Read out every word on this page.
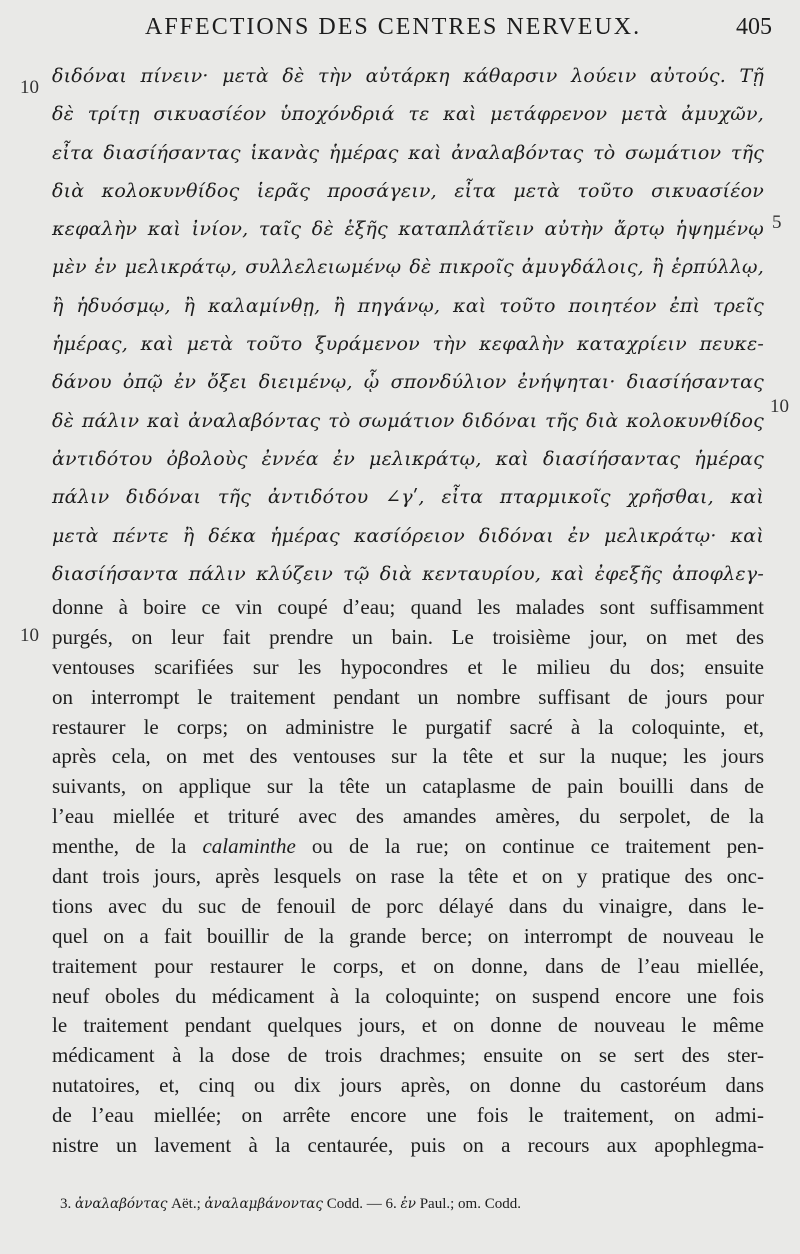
AFFECTIONS DES CENTRES NERVEUX.	405
10
5
10
διδόναι πίνειν· μετὰ δὲ τὴν αὐτάρκη κάθαρσιν λούειν αὐτούς. Τῇ
δὲ τρίτῃ σικυασίέον ὑποχόνδριά τε καὶ μετάφρενον μετὰ ἀμυχῶν,
εἶτα διασίήσαντας ἱκανὰς ἡμέρας καὶ ἀναλαβόντας τὸ σωμάτιον τῆς
διὰ κολοκυνθίδος ἱερᾶς προσάγειν, εἶτα μετὰ τοῦτο σικυασίέον
κεφαλὴν καὶ ἰνίον, ταῖς δὲ ἑξῆς καταπλάτῖειν αὐτὴν ἄρτῳ ἡψημένῳ
μὲν ἐν μελικράτῳ, συλλελειωμένῳ δὲ πικροῖς ἀμυγδάλοις, ἢ ἑρπύλλῳ,
ἢ ἡδυόσμῳ, ἢ καλαμίνθῃ, ἢ πηγάνῳ, καὶ τοῦτο ποιητέον ἐπὶ τρεῖς
ἡμέρας, καὶ μετὰ τοῦτο ξυράμενον τὴν κεφαλὴν καταχρίειν πευκε-
δάνου ὀπῷ ἐν ὄξει διειμένῳ, ᾧ σπονδύλιον ἐνήψηται· διασίήσαντας
δὲ πάλιν καὶ ἀναλαβόντας τὸ σωμάτιον διδόναι τῆς διὰ κολοκυνθίδος
ἀντιδότου ὀβολοὺς ἐννέα ἐν μελικράτῳ, καὶ διασίήσαντας ἡμέρας
πάλιν διδόναι τῆς ἀντιδότου ∠γʹ, εἶτα πταρμικοῖς χρῆσθαι, καὶ
μετὰ πέντε ἢ δέκα ἡμέρας κασίόρειον διδόναι ἐν μελικράτῳ· καὶ
διασίήσαντα πάλιν κλύζειν τῷ διὰ κενταυρίου, καὶ ἐφεξῆς ἀποφλεγ-
10
donne à boire ce vin coupé d’eau; quand les malades sont suffisamment
purgés, on leur fait prendre un bain. Le troisième jour, on met des
ventouses scarifiées sur les hypocondres et le milieu du dos; ensuite
on interrompt le traitement pendant un nombre suffisant de jours pour
restaurer le corps; on administre le purgatif sacré à la coloquinte, et,
après cela, on met des ventouses sur la tête et sur la nuque; les jours
suivants, on applique sur la tête un cataplasme de pain bouilli dans de
l’eau miellée et trituré avec des amandes amères, du serpolet, de la
menthe, de la calaminthe ou de la rue; on continue ce traitement pen-
dant trois jours, après lesquels on rase la tête et on y pratique des onc-
tions avec du suc de fenouil de porc délayé dans du vinaigre, dans le-
quel on a fait bouillir de la grande berce; on interrompt de nouveau le
traitement pour restaurer le corps, et on donne, dans de l’eau miellée,
neuf oboles du médicament à la coloquinte; on suspend encore une fois
le traitement pendant quelques jours, et on donne de nouveau le même
médicament à la dose de trois drachmes; ensuite on se sert des ster-
nutatoires, et, cinq ou dix jours après, on donne du castoréum dans
de l’eau miellée; on arrête encore une fois le traitement, on admi-
nistre un lavement à la centaurée, puis on a recours aux apophlegma-
3. ἀναλαβόντας Aët.; ἀναλαμβάνοντας Codd. — 6. ἐν Paul.; om. Codd.
